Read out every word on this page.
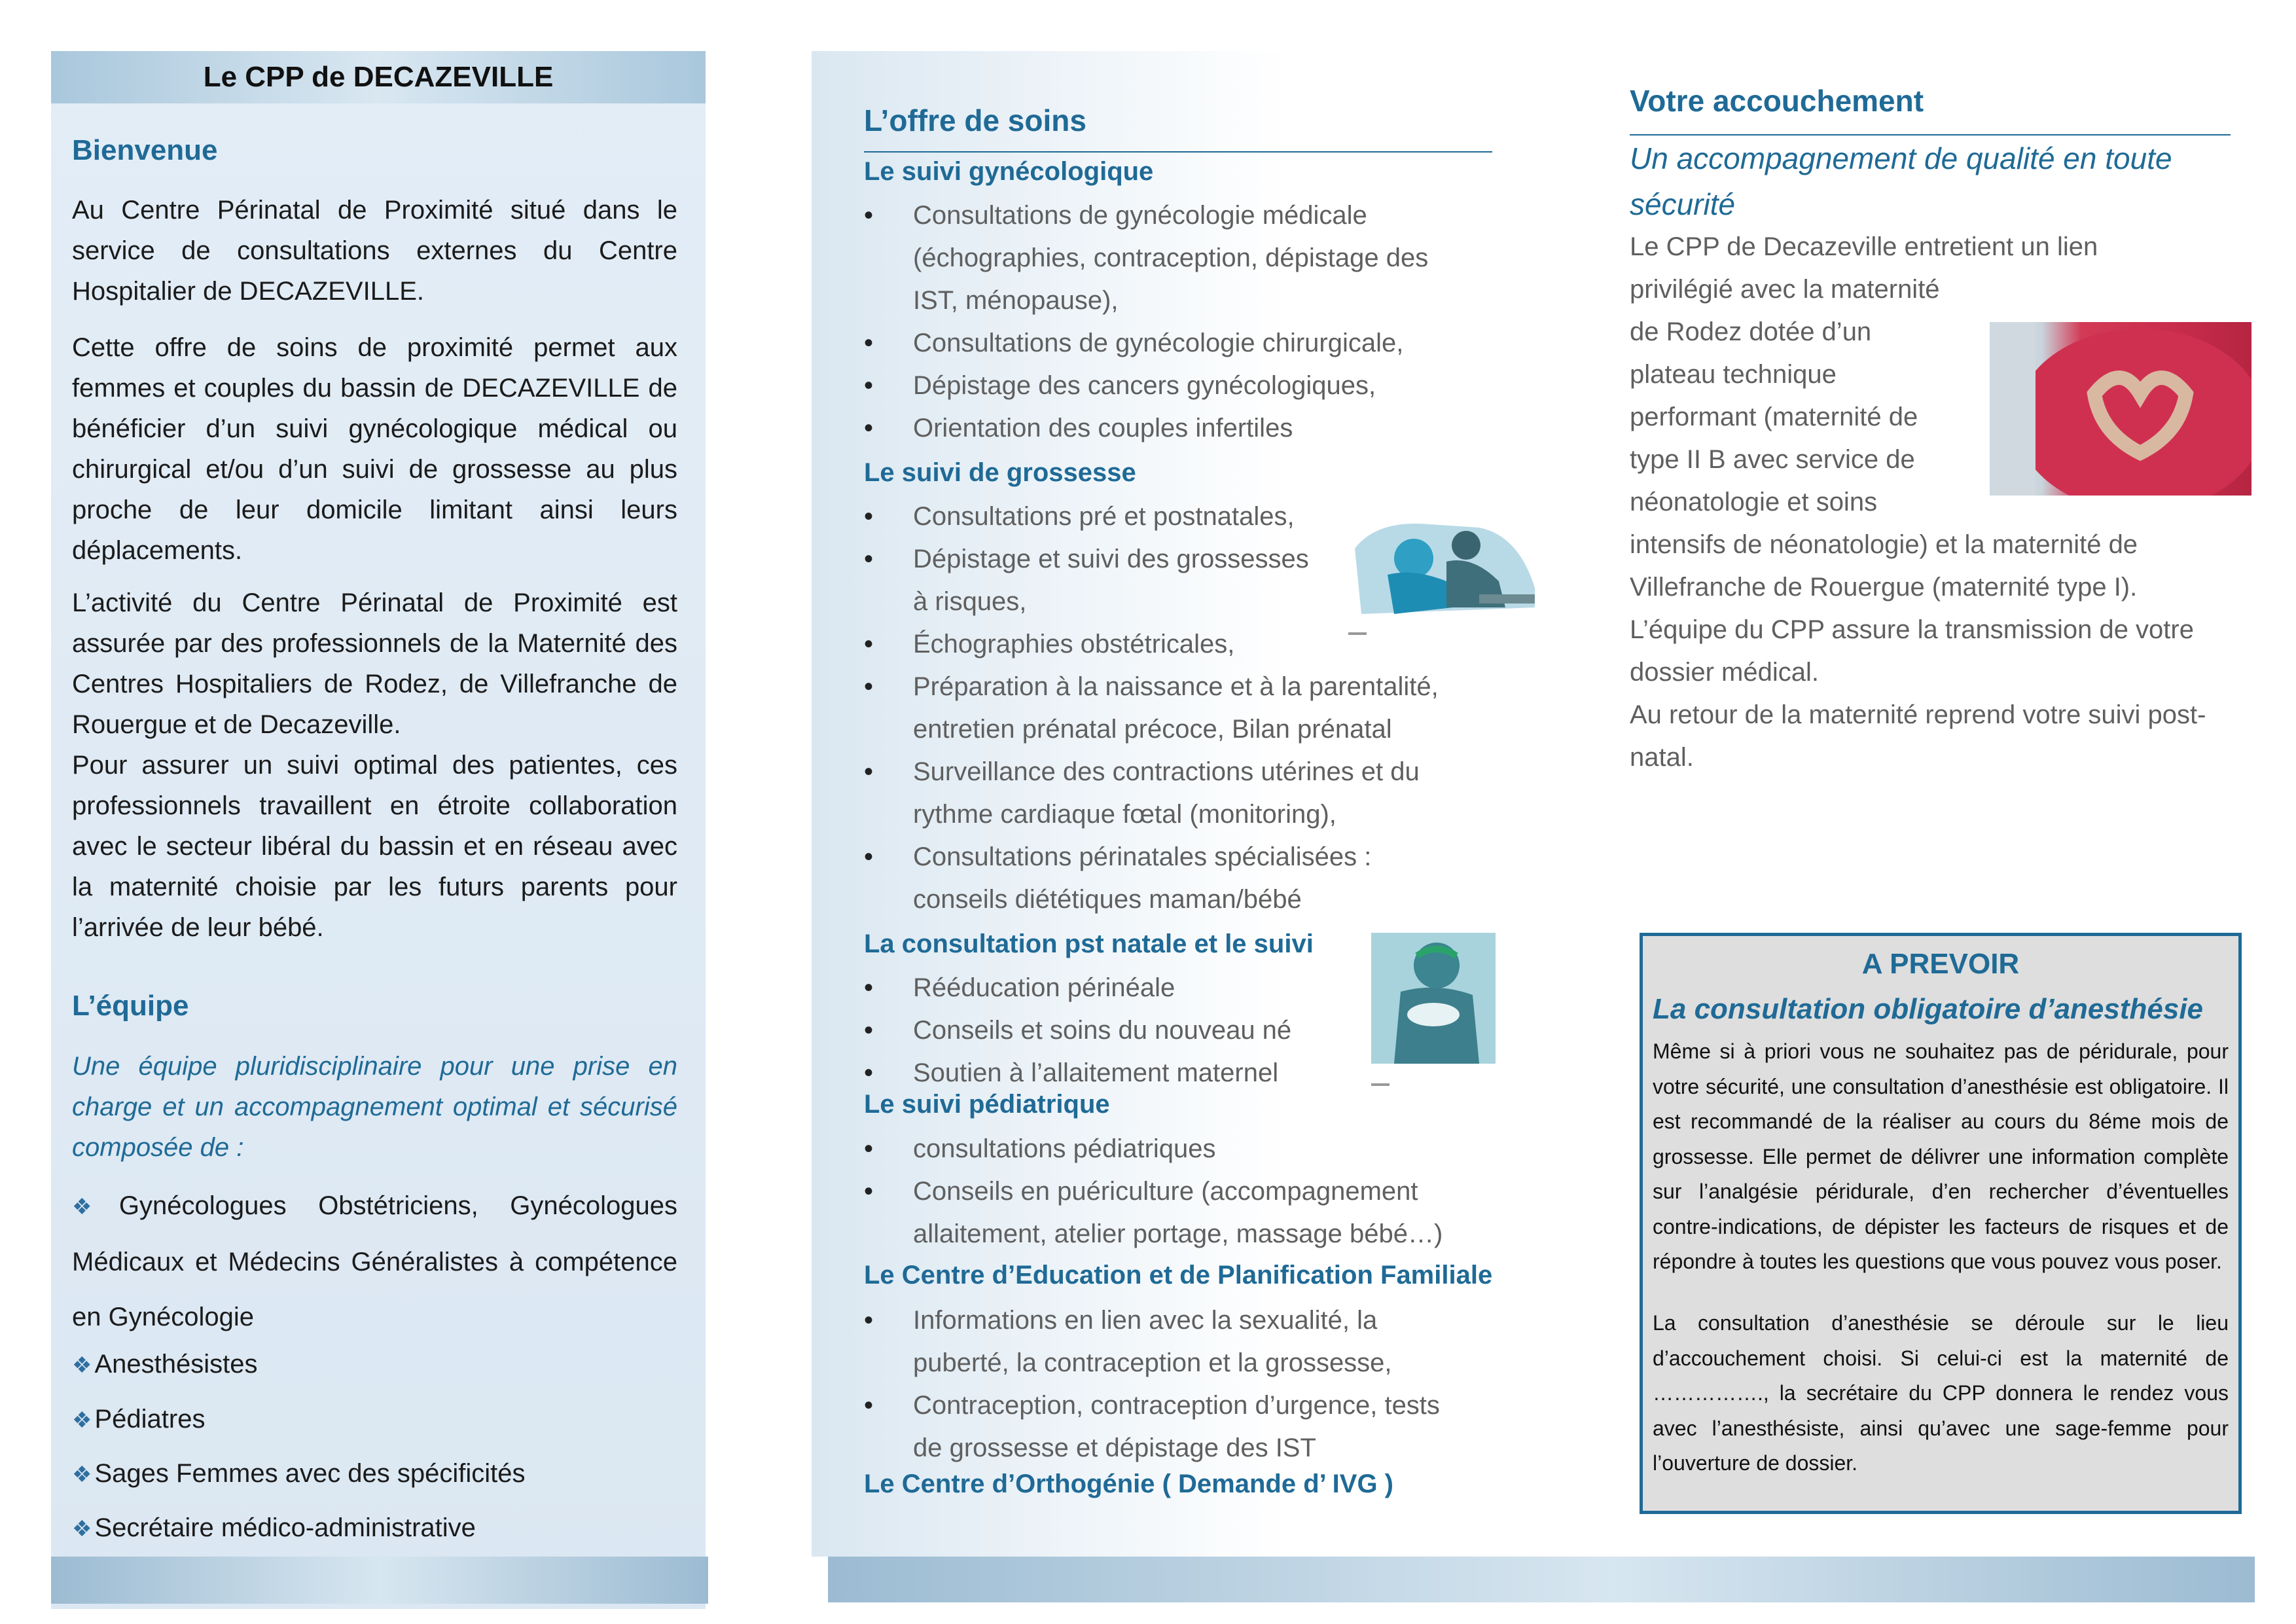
Le CPP de DECAZEVILLE
Bienvenue

Au Centre Périnatal de Proximité situé dans le service de consultations externes du Centre Hospitalier de DECAZEVILLE.

Cette offre de soins de proximité permet aux femmes et couples du bassin de DECAZEVILLE de bénéficier d’un suivi gynécologique médical ou chirurgical et/ou d’un suivi de grossesse au plus proche de leur domicile limitant ainsi leurs déplacements.

L’activité du Centre Périnatal de Proximité est assurée par des professionnels de la Maternité des Centres Hospitaliers de Rodez, de Villefranche de Rouergue et de Decazeville.

Pour assurer un suivi optimal des patientes, ces professionnels travaillent en étroite collaboration avec le secteur libéral du bassin et en réseau avec la maternité choisie par les futurs parents pour l’arrivée de leur bébé.

L’équipe

Une équipe pluridisciplinaire pour une prise en charge et un accompagnement optimal et sécurisé composée de :

❖ Gynécologues Obstétriciens, Gynécologues Médicaux et Médecins Généralistes à compétence en Gynécologie
❖ Anesthésistes
❖ Pédiatres
❖ Sages Femmes avec des spécificités
❖ Secrétaire médico-administrative
L’offre de soins
Le suivi gynécologique
• Consultations de gynécologie médicale (échographies, contraception, dépistage des IST, ménopause),
• Consultations de gynécologie chirurgicale,
• Dépistage des cancers gynécologiques,
• Orientation des couples infertiles
Le suivi de grossesse
• Consultations pré et postnatales,
• Dépistage et suivi des grossesses à risques,
• Échographies obstétricales,
• Préparation à la naissance et à la parentalité, entretien prénatal précoce, Bilan prénatal
• Surveillance des contractions utérines et du rythme cardiaque fœtal (monitoring),
• Consultations périnatales spécialisées : conseils diététiques maman/bébé
La consultation pst natale et le suivi
• Rééducation périnéale
• Conseils et soins du nouveau né
• Soutien à l’allaitement maternel
Le suivi pédiatrique
• consultations pédiatriques
• Conseils en puériculture (accompagnement allaitement, atelier portage, massage bébé…)
Le Centre d’Education et de Planification Familiale
• Informations en lien avec la sexualité, la puberté, la contraception et la grossesse,
• Contraception, contraception d’urgence, tests de grossesse et dépistage des IST
Le Centre d’Orthogénie ( Demande d’ IVG )
Votre accouchement
Un accompagnement de qualité en toute sécurité
Le CPP de Decazeville entretient un lien
privilégié avec la maternité
de Rodez dotée d’un
plateau technique
performant (maternité de
type II B avec service de
néonatologie et soins
intensifs de néonatologie) et la maternité de
Villefranche de Rouergue (maternité type I).

L’équipe du CPP assure la transmission de votre dossier médical.

Au retour de la maternité reprend votre suivi post-natal.

A PREVOIR
La consultation obligatoire d’anesthésie

Même si à priori vous ne souhaitez pas de péridurale, pour votre sécurité, une consultation d’anesthésie est obligatoire. Il est recommandé de la réaliser au cours du 8éme mois de grossesse. Elle permet de délivrer une information complète sur l’analgésie péridurale, d’en rechercher d’éventuelles contre-indications, de dépister les facteurs de risques et de répondre à toutes les questions que vous pouvez vous poser.

La consultation d’anesthésie se déroule sur le lieu d’accouchement choisi. Si celui-ci est la maternité de ……………., la secrétaire du CPP donnera le rendez vous avec l’anesthésiste, ainsi qu’avec une sage-femme pour l’ouverture de dossier.
